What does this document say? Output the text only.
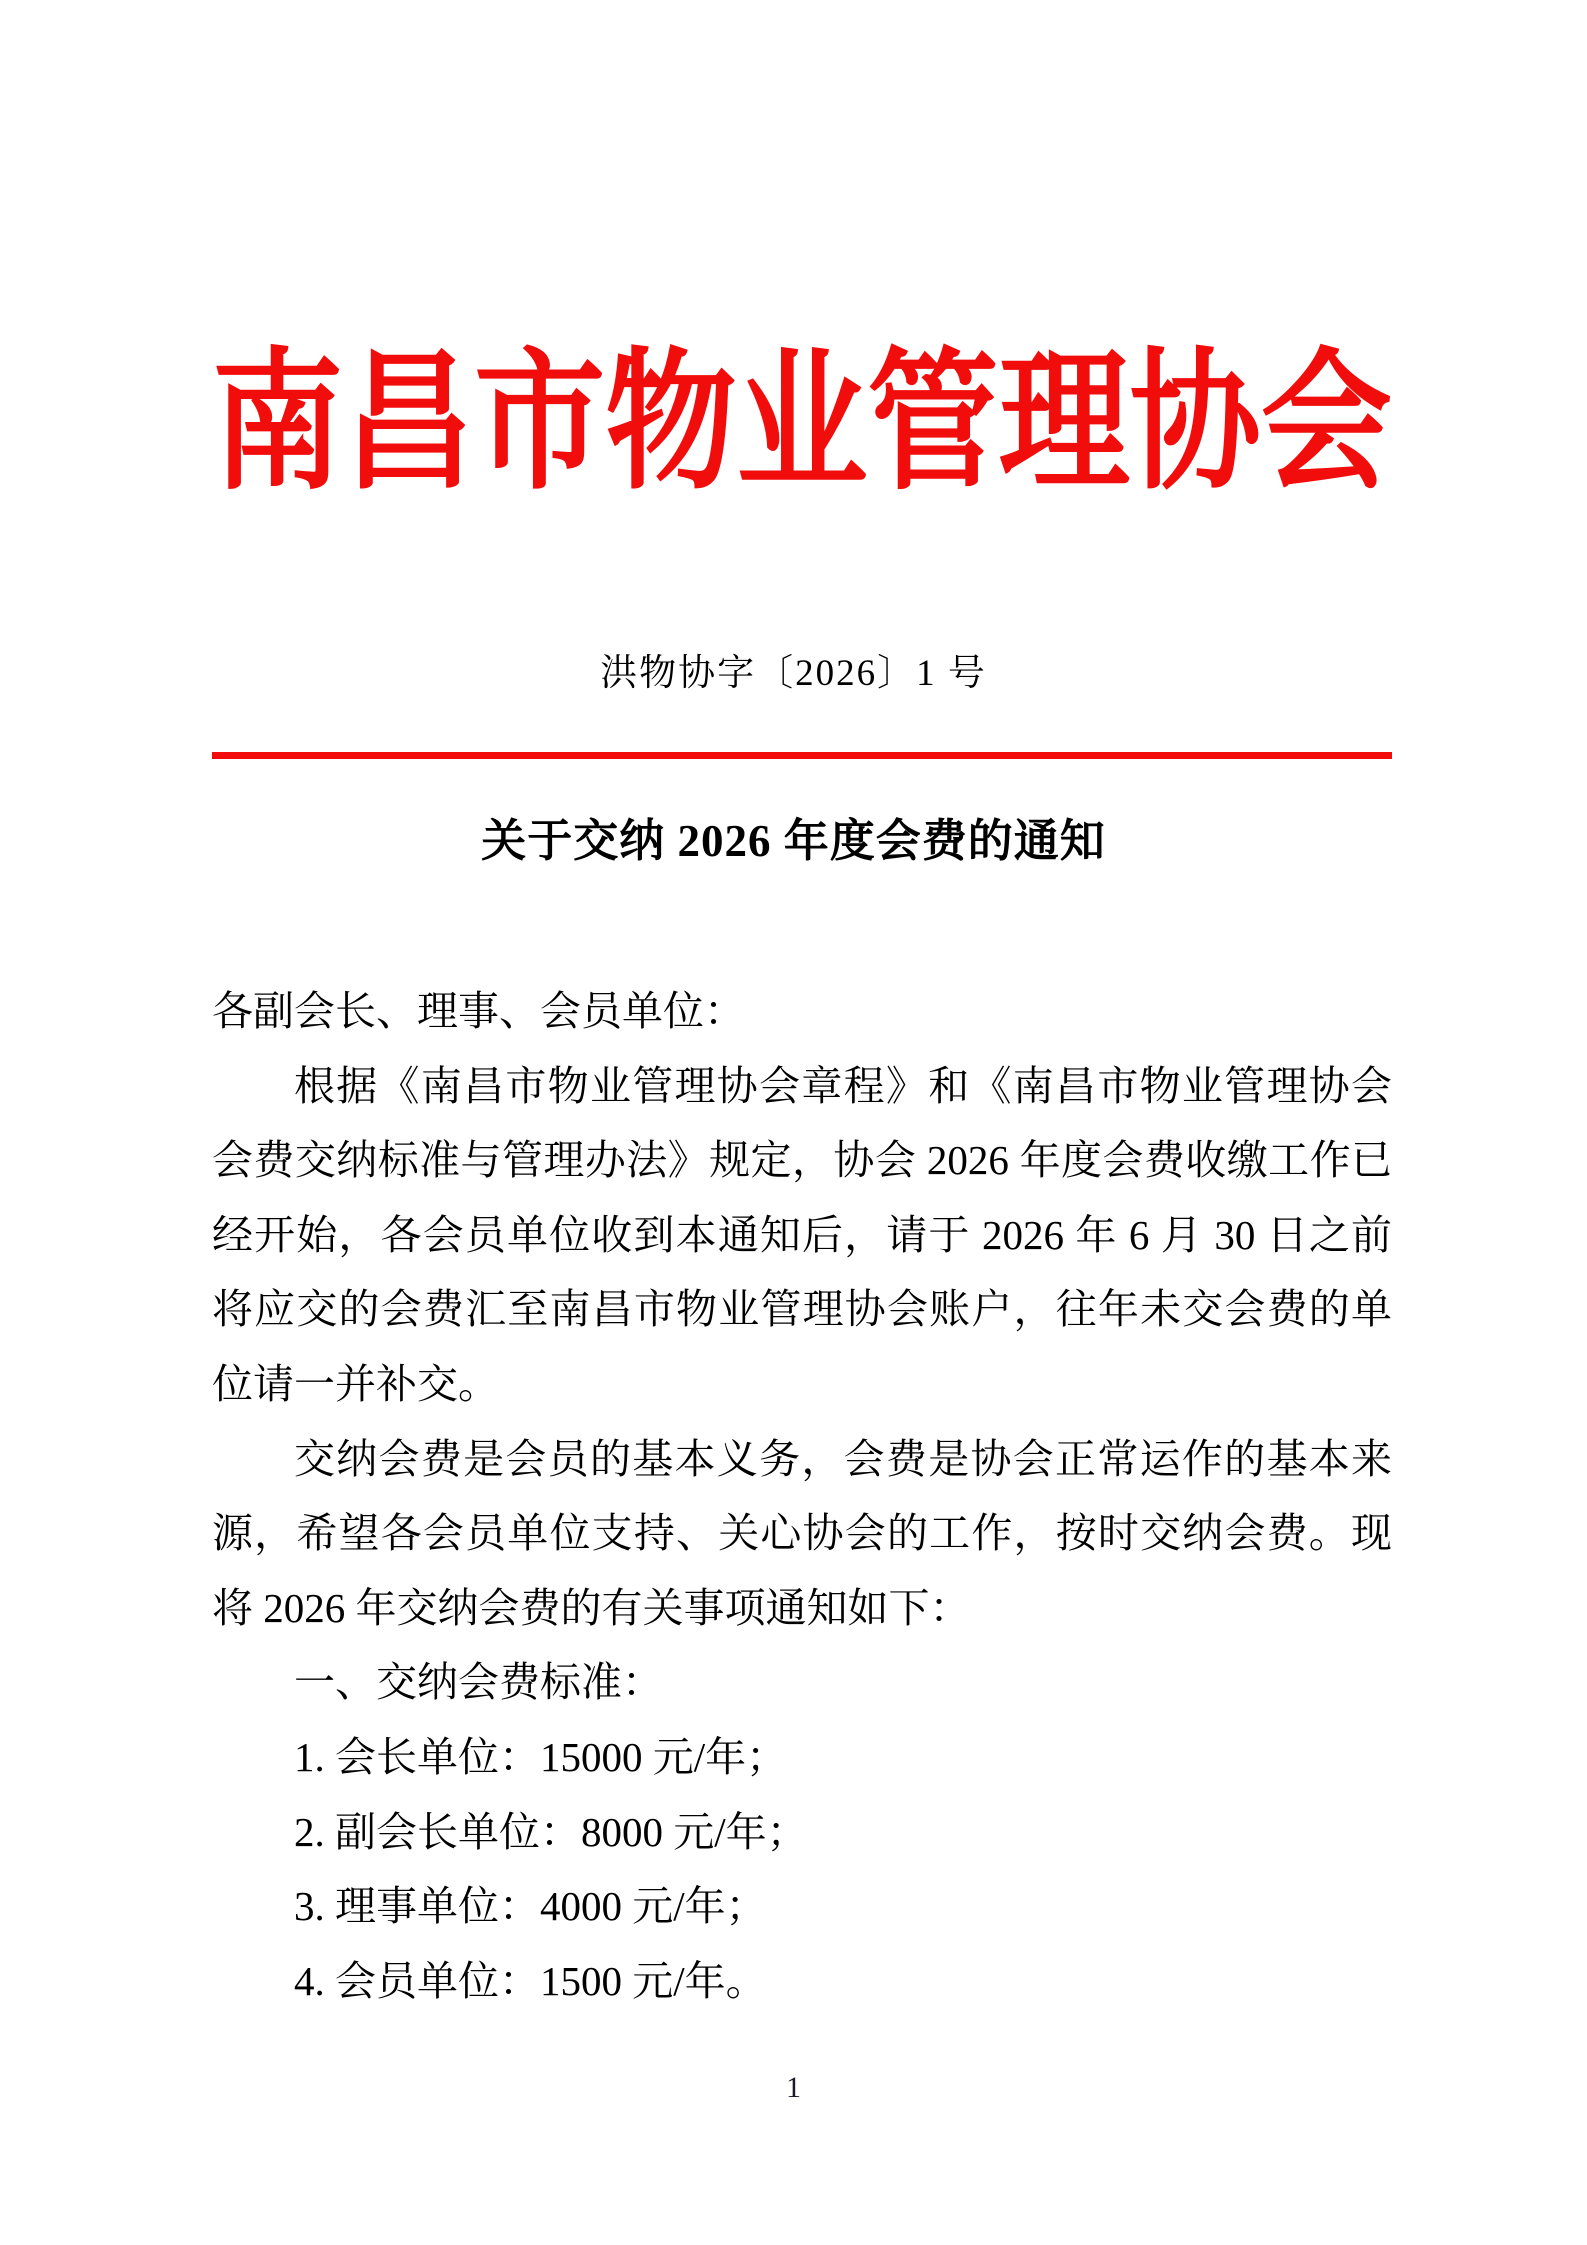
南 昌 市 物 业 管 理 协 会
洪物协字〔2026〕1 号
关于交纳 2026 年度会费的通知

各副会长、理事、会员单位：

根据《南昌市物业管理协会章程》和《南昌市物业管理协会会费交纳标准与管理办法》规定，协会 2026 年度会费收缴工作已经开始，各会员单位收到本通知后，请于 2026 年 6 月 30 日之前将应交的会费汇至南昌市物业管理协会账户，往年未交会费的单位请一并补交。

交纳会费是会员的基本义务，会费是协会正常运作的基本来源，希望各会员单位支持、关心协会的工作，按时交纳会费。现将 2026 年交纳会费的有关事项通知如下：

一、交纳会费标准：

1. 会长单位：15000 元/年；

2. 副会长单位：8000 元/年；

3. 理事单位：4000 元/年；

4. 会员单位：1500 元/年。

1
